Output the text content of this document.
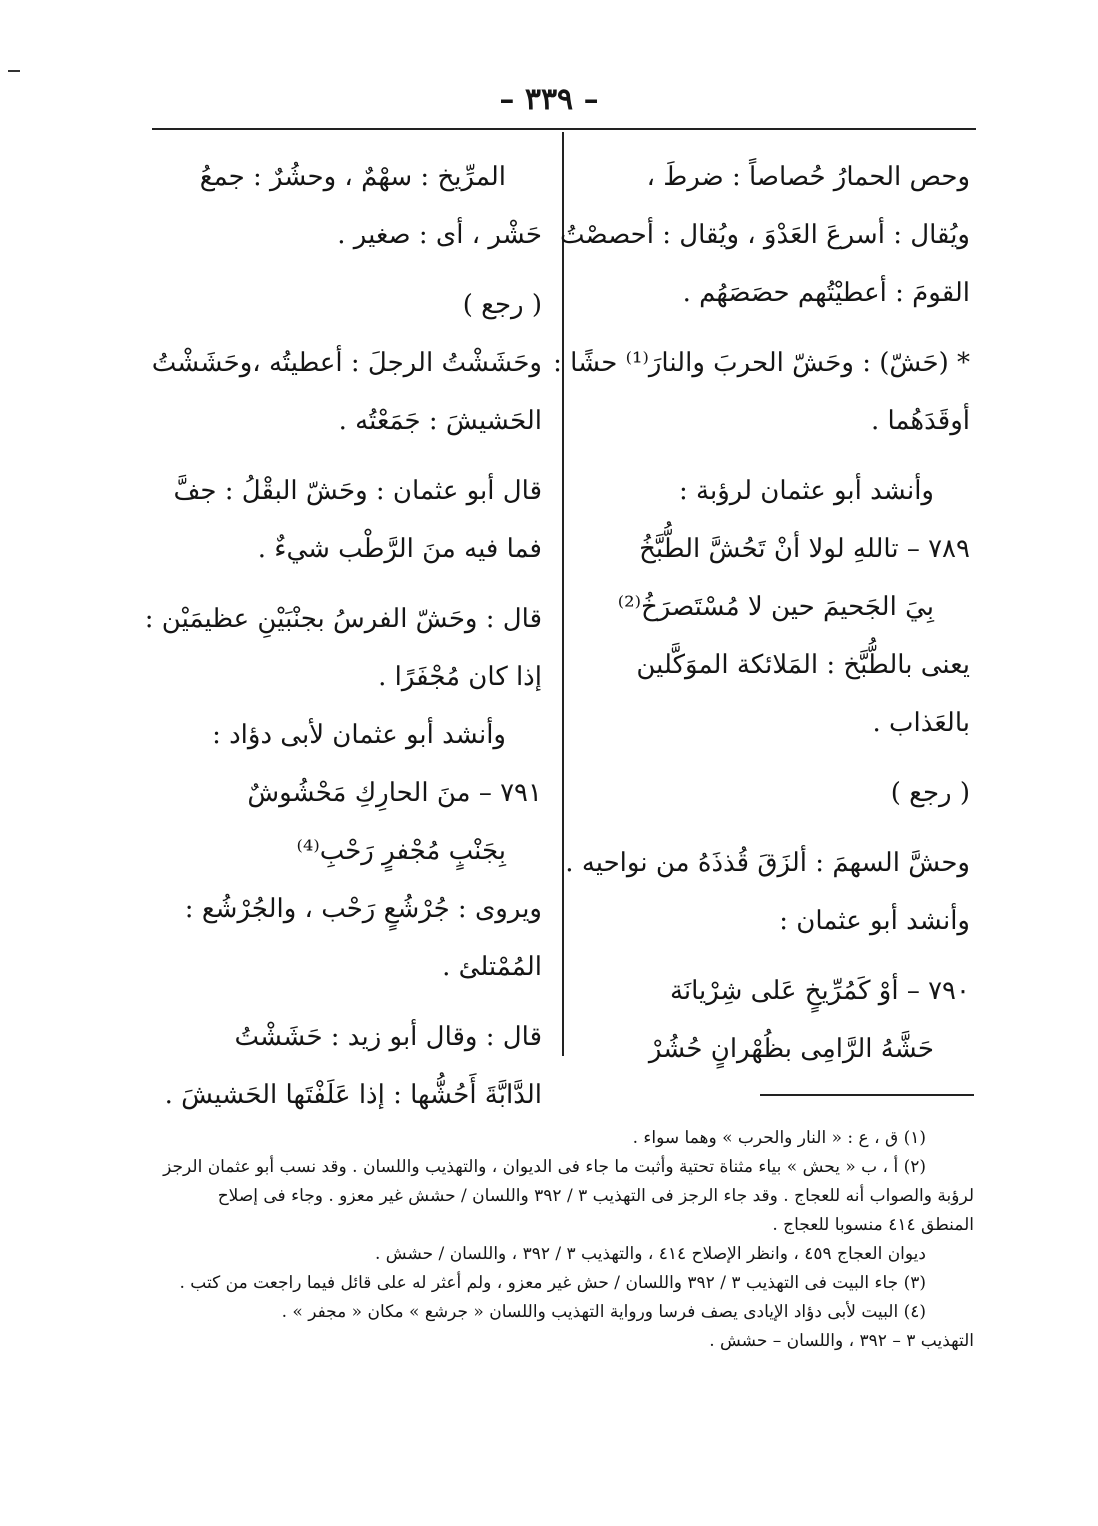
– ٣٣٩ –
وحص الحمارُ حُصاصاً : ضرطَ ،
ويُقال : أسرعَ العَدْوَ ، ويُقال : أحصصْتُ
القومَ : أعطيْتُهم حصَصَهُم .
* (حَشّ) : وحَشّ الحربَ والنارَ⁽¹⁾ حشًا :
أوقَدَهُما .
وأنشد أبو عثمان لرؤبة :
٧٨٩ – تاللهِ لولا أنْ تَحُشَّ الطُّبَّخُ
بِيَ الجَحيمَ حين لا مُسْتَصرَخُ⁽²⁾
يعنى بالطُّبَّخ : المَلائكة الموَكَّلين
بالعَذاب .
( رجع )
وحشَّ السهمَ : ألزَقَ قُذذَهُ من نواحيه .
وأنشد أبو عثمان :
٧٩٠ – أوْ كَمُرِّيخٍ عَلى شِرْيانَة
حَشَّهُ الرَّامِى بظُهْرانٍ حُشُرْ
المرِّيخ : سهْمٌ ، وحشُرٌ : جمعُ
حَشْر ، أى : صغير .
( رجع )
وحَشَشْتُ الرجلَ : أعطيتُه ،وحَشَشْتُ
الحَشيشَ : جَمَعْتُه .
قال أبو عثمان : وحَشّ البقْلُ : جفَّ
فما فيه منَ الرَّطْب شيءٌ .
قال : وحَشّ الفرسُ بجنْبَيْنِ عظيمَيْن :
إذا كان مُجْفَرًا .
وأنشد أبو عثمان لأبى دؤاد :
٧٩١ – منَ الحارِكِ مَحْشُوشٌ
بِجَنْبٍ مُجْفرٍ رَحْبِ⁽⁴⁾
ويروى : جُرْشُعٍ رَحْب ، والجُرْشُع :
المُمْتلئ .
قال : وقال أبو زيد : حَشَشْتُ
الدَّابَّةَ أَحُشُّها : إذا عَلَفْتَها الحَشيشَ .
(١) ق ، ع : « النار والحرب » وهما سواء .
(٢) أ ، ب « يحش » بياء مثناة تحتية وأثبت ما جاء فى الديوان ، والتهذيب واللسان . وقد نسب أبو عثمان الرجز
لرؤبة والصواب أنه للعجاج . وقد جاء الرجز فى التهذيب ٣ / ٣٩٢ واللسان / حشش غير معزو . وجاء فى إصلاح
المنطق ٤١٤ منسوبا للعجاج .
ديوان العجاج ٤٥٩ ، وانظر الإصلاح ٤١٤ ، والتهذيب ٣ / ٣٩٢ ، واللسان / حشش .
(٣) جاء البيت فى التهذيب ٣ / ٣٩٢ واللسان / حش غير معزو ، ولم أعثر له على قائل فيما راجعت من كتب .
(٤) البيت لأبى دؤاد الإيادى يصف فرسا ورواية التهذيب واللسان « جرشع » مكان « مجفر » .
التهذيب ٣ – ٣٩٢ ، واللسان – حشش .
